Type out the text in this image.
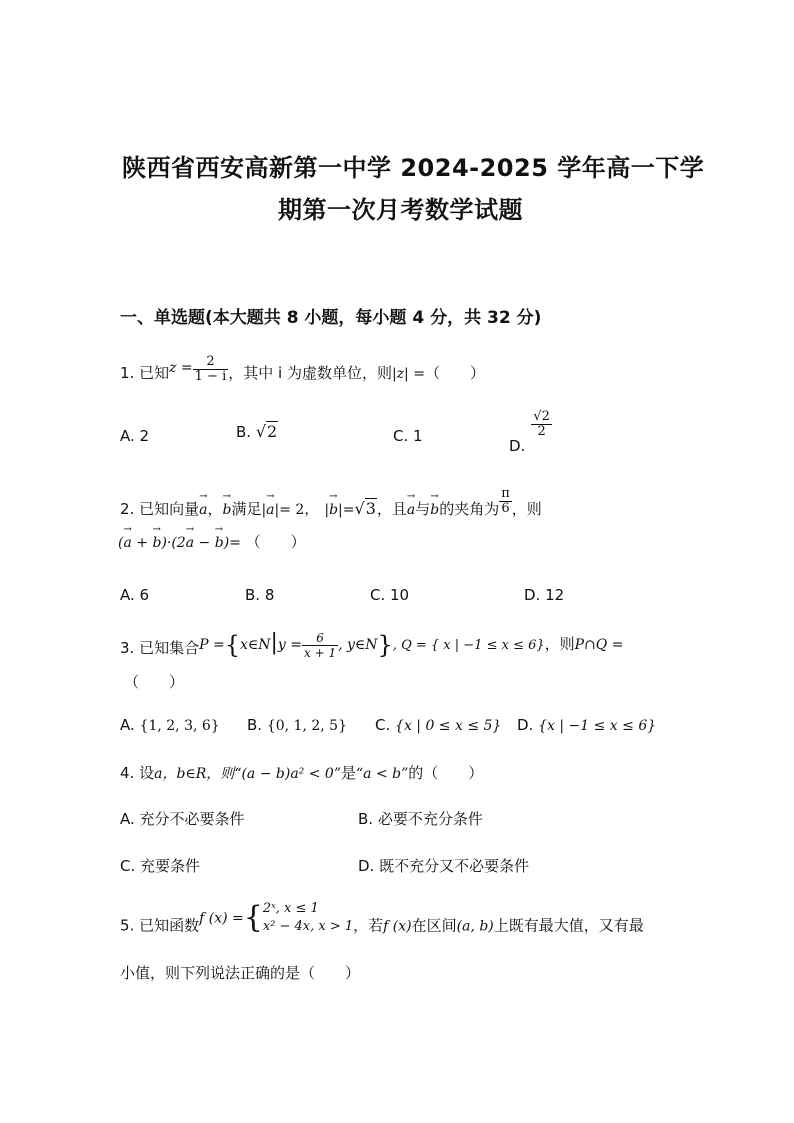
陕西省西安高新第一中学 2024-2025 学年高一下学
期第一次月考数学试题
一、单选题(本大题共 8 小题，每小题 4 分，共 32 分)
1. 已知$z = \frac{2}{1 - i}$ ，其中 i 为虚数单位，则|z| =（　　）
A. 2	B. √2	C. 1
D.
$\frac{√2}{2}$
2. 已知向量→ a，→ b满足|→ a|= 2， |→ b|=√3，且→ a与→ b的夹角为 $\frac{\pi}{6}$ ，则
(→ a + → b)·(2→ a − → b)= （　　）
A. 6	B. 8	C. 10	D. 12
3. 已知集合P ={x∈N|y = $\frac{6}{x + 1}$ , y∈N}, Q = { x | −1 ≤ x ≤ 6}，则P∩Q =
（　　）
A. {1, 2, 3, 6} B. {0, 1, 2, 5} C. {x | 0 ≤ x ≤ 5} D. {x | −1 ≤ x ≤ 6}
4. 设a，b∈R，则“(a − b)a² < 0”是“a < b”的（　　）
A. 充分不必要条件	B. 必要不充分条件
C. 充要条件	D. 既不充分又不必要条件
5. 已知函数f (x) ={ 2ˣ, x ≤ 1
x² − 4x, x > 1 ，若f (x)在区间(a, b)上既有最大值，又有最
小值，则下列说法正确的是（　　）
